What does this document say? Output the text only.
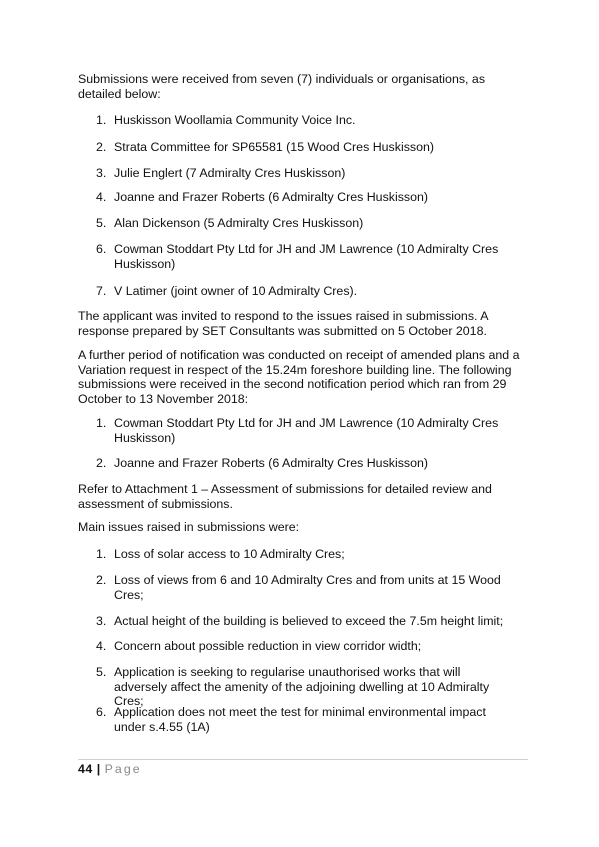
Submissions were received from seven (7) individuals or organisations, as detailed below:

1. Huskisson Woollamia Community Voice Inc.
2. Strata Committee for SP65581 (15 Wood Cres Huskisson)
3. Julie Englert (7 Admiralty Cres Huskisson)
4. Joanne and Frazer Roberts (6 Admiralty Cres Huskisson)
5. Alan Dickenson (5 Admiralty Cres Huskisson)
6. Cowman Stoddart Pty Ltd for JH and JM Lawrence (10 Admiralty Cres Huskisson)
7. V Latimer (joint owner of 10 Admiralty Cres).

The applicant was invited to respond to the issues raised in submissions. A response prepared by SET Consultants was submitted on 5 October 2018.

A further period of notification was conducted on receipt of amended plans and a Variation request in respect of the 15.24m foreshore building line. The following submissions were received in the second notification period which ran from 29 October to 13 November 2018:

1. Cowman Stoddart Pty Ltd for JH and JM Lawrence (10 Admiralty Cres Huskisson)
2. Joanne and Frazer Roberts (6 Admiralty Cres Huskisson)

Refer to Attachment 1 – Assessment of submissions for detailed review and assessment of submissions.

Main issues raised in submissions were:

1. Loss of solar access to 10 Admiralty Cres;
2. Loss of views from 6 and 10 Admiralty Cres and from units at 15 Wood Cres;
3. Actual height of the building is believed to exceed the 7.5m height limit;
4. Concern about possible reduction in view corridor width;
5. Application is seeking to regularise unauthorised works that will adversely affect the amenity of the adjoining dwelling at 10 Admiralty Cres;
6. Application does not meet the test for minimal environmental impact under s.4.55 (1A)
44 | Page
